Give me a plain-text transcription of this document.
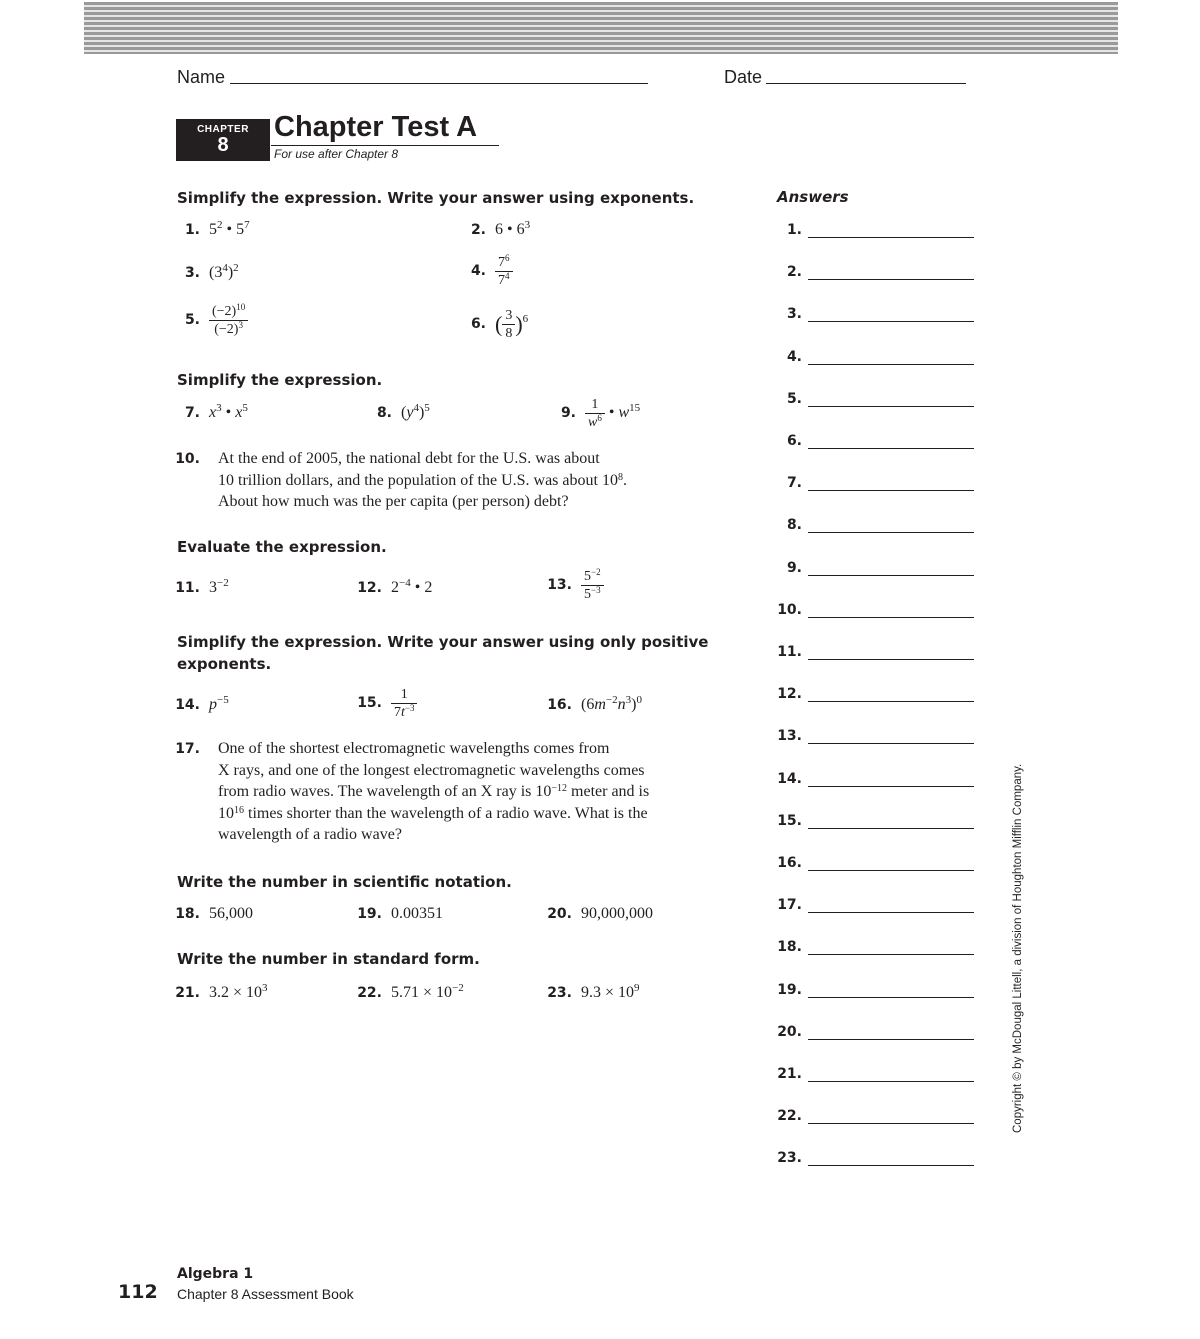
Name	Date
CHAPTER
8
Chapter Test A
For use after Chapter 8
Simplify the expression. Write your answer using exponents.
1. $5^2$ • $5^7$	2. 6 • $6^3$
3. $(3^4)^2$	4. $\frac{7^6}{7^4}$
5. $\frac{(-2)^{10}}{(-2)^3}$	6. ( $\frac{3}{8} )^6$
Simplify the expression.
7. $x^3$ • $x^5$	8. $(y^4)^5$	9. $\frac{1}{w^6}$ • $w^{15}$
10.	At the end of 2005, the national debt for the U.S. was about
10 trillion dollars, and the population of the U.S. was about $10^8$.
About how much was the per capita (per person) debt?
Evaluate the expression.
11. $3^{-2}$	12. $2^{-4}$ • 2	13. $\frac{5^{-2}}{5^{-3}}$
Simplify the expression. Write your answer using only positive exponents.
14. $p^{-5}$	15. $\frac{1}{7t^{-3}}$	16. $(6m^{-2}n^3)^0$
17.	One of the shortest electromagnetic wavelengths comes from
X rays, and one of the longest electromagnetic wavelengths comes
from radio waves. The wavelength of an X ray is $10^{-12}$ meter and is
$10^{16}$ times shorter than the wavelength of a radio wave. What is the
wavelength of a radio wave?
Write the number in scientific notation.
18. 56,000	19. 0.00351	20. 90,000,000
Write the number in standard form.
21. $3.2 \times 10^3$	22. $5.71 \times 10^{-2}$	23. $9.3 \times 10^9$
Answers
1.
2.
3.
4.
5.
6.
7.
8.
9.
10.
11.
12.
13.
14.
15.
16.
17.
18.
19.
20.
21.
22.
23.
Copyright © by McDougal Littell, a division of Houghton Mifflin Company.
112
Algebra 1
Chapter 8 Assessment Book
